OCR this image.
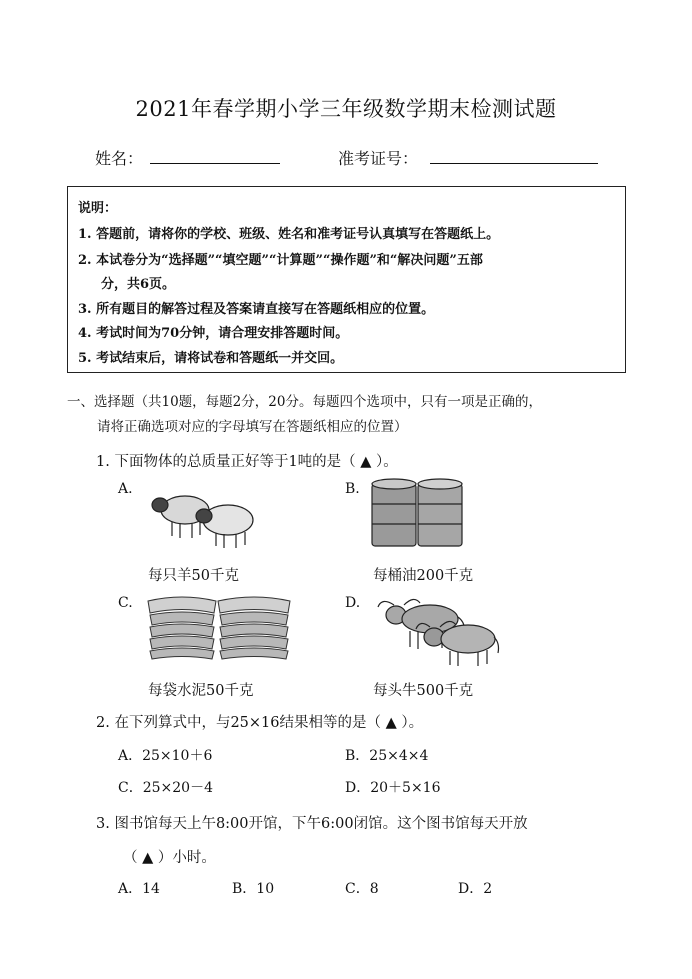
2021年春学期小学三年级数学期末检测试题
姓名：	准考证号：
说明：
1. 答题前，请将你的学校、班级、姓名和准考证号认真填写在答题纸上。
2. 本试卷分为“选择题”“填空题”“计算题”“操作题”和“解决问题”五部
分，共6页。
3. 所有题目的解答过程及答案请直接写在答题纸相应的位置。
4. 考试时间为70分钟，请合理安排答题时间。
5. 考试结束后，请将试卷和答题纸一并交回。
一、选择题（共10题，每题2分，20分。每题四个选项中，只有一项是正确的，
请将正确选项对应的字母填写在答题纸相应的位置）
1. 下面物体的总质量正好等于1吨的是（ ▲ ）。
A.
每只羊50千克
B.
每桶油200千克
C.
每袋水泥50千克
D.
每头牛500千克
2. 在下列算式中，与25×16结果相等的是（ ▲ ）。
A．25×10＋6	B．25×4×4
C．25×20－4	D．20＋5×16
3. 图书馆每天上午8:00开馆，下午6:00闭馆。这个图书馆每天开放
（ ▲ ）小时。
A．14	B．10	C．8	D．2
